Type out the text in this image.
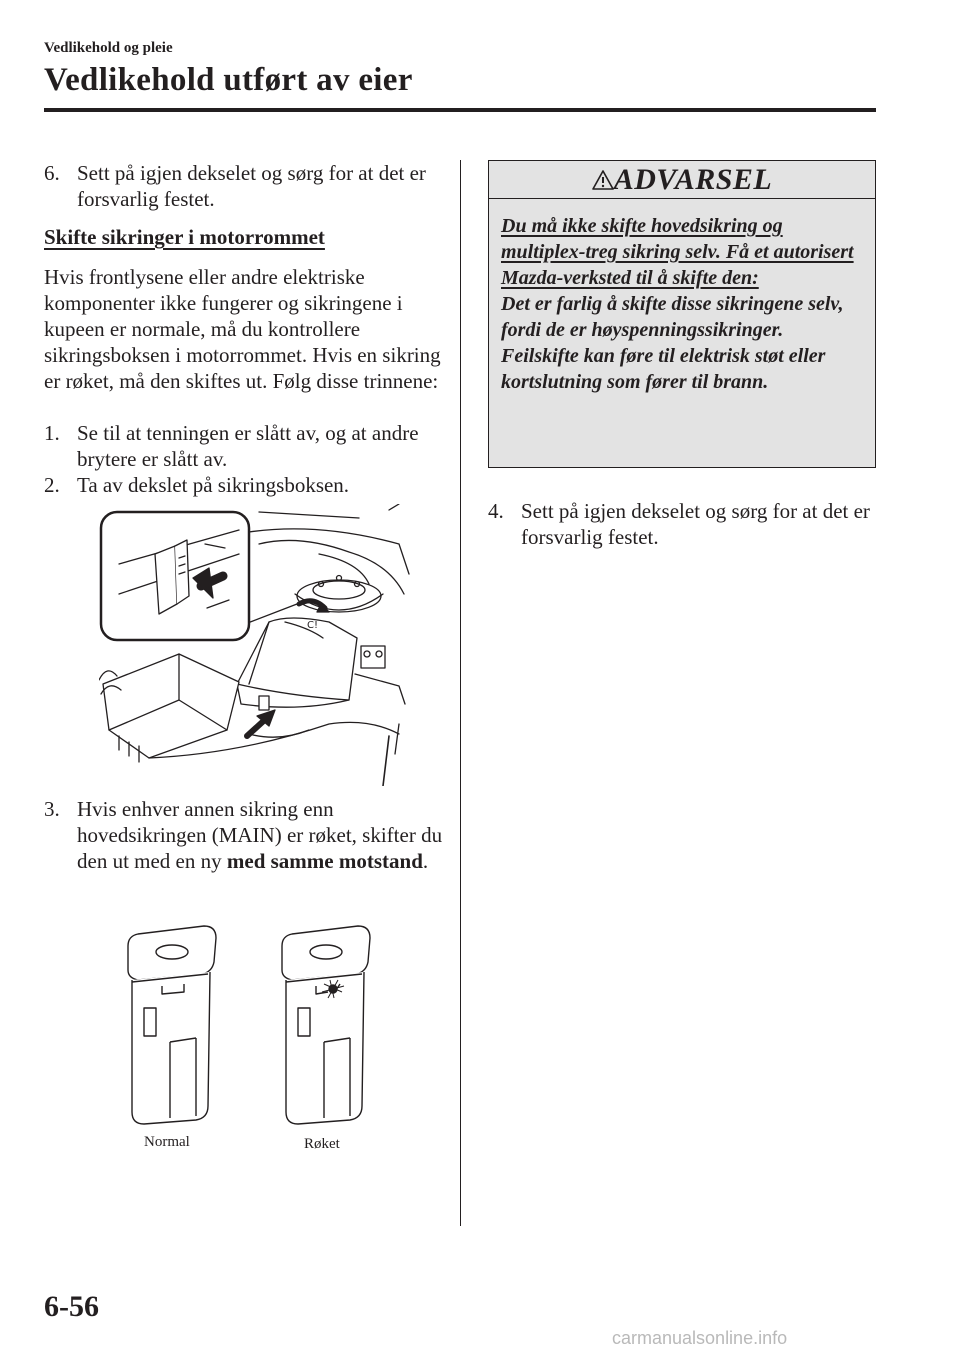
Vedlikehold og pleie
Vedlikehold utført av eier
6. Sett på igjen dekselet og sørg for at det er forsvarlig festet.
Skifte sikringer i motorrommet

Hvis frontlysene eller andre elektriske komponenter ikke fungerer og sikringene i kupeen er normale, må du kontrollere sikringsboksen i motorrommet. Hvis en sikring er røket, må den skiftes ut. Følg disse trinnene:

1. Se til at tenningen er slått av, og at andre brytere er slått av.
2. Ta av dekslet på sikringsboksen.
C!
3. Hvis enhver annen sikring enn hovedsikringen (MAIN) er røket, skifter du den ut med en ny med samme motstand.
Normal	Røket
ADVARSEL
Du må ikke skifte hovedsikring og multiplex-treg sikring selv. Få et autorisert Mazda-verksted til å skifte den:
Det er farlig å skifte disse sikringene selv, fordi de er høyspenningssikringer. Feilskifte kan føre til elektrisk støt eller kortslutning som fører til brann.
4. Sett på igjen dekselet og sørg for at det er forsvarlig festet.
6-56
carmanualsonline.info
